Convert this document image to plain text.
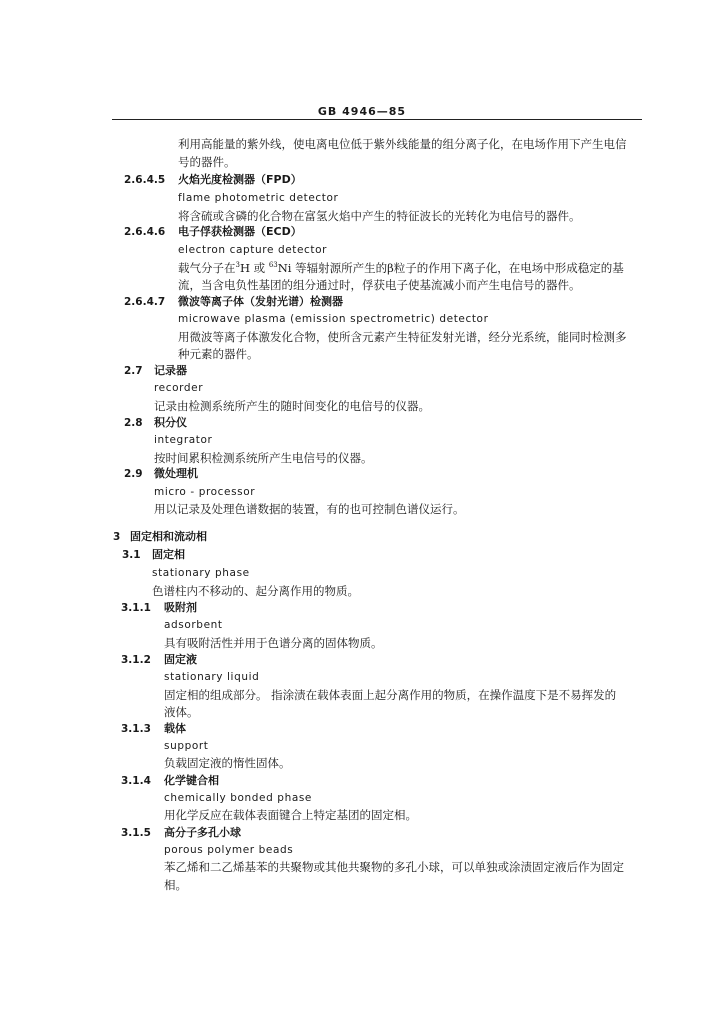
GB 4946—85
利用高能量的紫外线，使电离电位低于紫外线能量的组分离子化，在电场作用下产生电信
号的器件。
2.6.4.5 火焰光度检测器（FPD）
flame photometric detector
将含硫或含磷的化合物在富氢火焰中产生的特征波长的光转化为电信号的器件。
2.6.4.6 电子俘获检测器（ECD）
electron capture detector
载气分子在$^3$H 或 $^{63}$Ni 等辐射源所产生的β粒子的作用下离子化，在电场中形成稳定的基
流，当含电负性基团的组分通过时，俘获电子使基流减小而产生电信号的器件。
2.6.4.7 微波等离子体（发射光谱）检测器
microwave plasma (emission spectrometric) detector
用微波等离子体激发化合物，使所含元素产生特征发射光谱，经分光系统，能同时检测多
种元素的器件。
2.7 记录器
recorder
记录由检测系统所产生的随时间变化的电信号的仪器。
2.8 积分仪
integrator
按时间累积检测系统所产生电信号的仪器。
2.9 微处理机
micro - processor
用以记录及处理色谱数据的装置，有的也可控制色谱仪运行。
3 固定相和流动相
3.1 固定相
stationary phase
色谱柱内不移动的、起分离作用的物质。
3.1.1 吸附剂
adsorbent
具有吸附活性并用于色谱分离的固体物质。
3.1.2 固定液
stationary liquid
固定相的组成部分。 指涂渍在载体表面上起分离作用的物质，在操作温度下是不易挥发的
液体。
3.1.3 载体
support
负载固定液的惰性固体。
3.1.4 化学键合相
chemically bonded phase
用化学反应在载体表面键合上特定基团的固定相。
3.1.5 高分子多孔小球
porous polymer beads
苯乙烯和二乙烯基苯的共聚物或其他共聚物的多孔小球，可以单独或涂渍固定液后作为固定
相。
